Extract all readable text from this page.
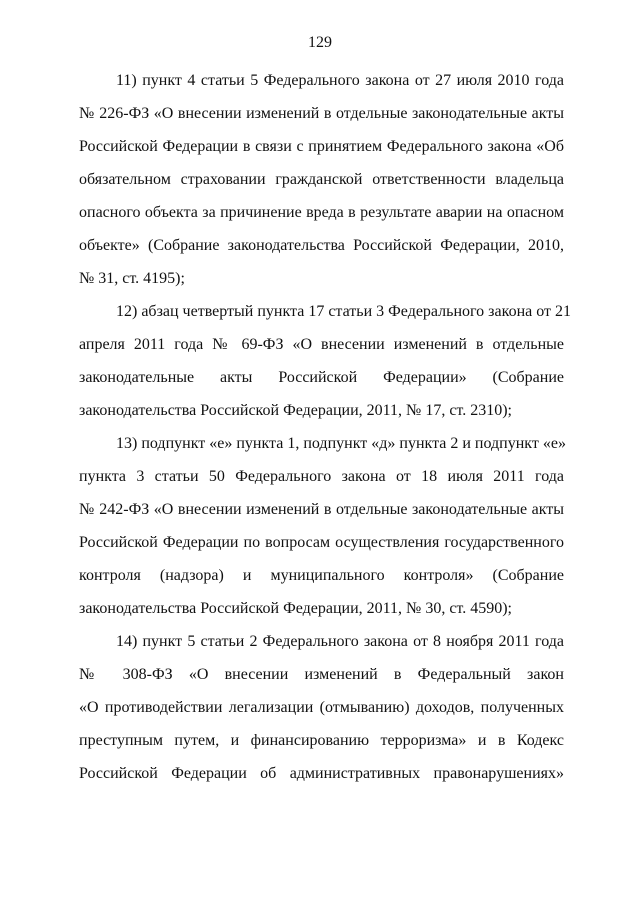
129
11) пункт 4 статьи 5 Федерального закона от 27 июля 2010 года
№ 226-ФЗ «О внесении изменений в отдельные законодательные акты
Российской Федерации в связи с принятием Федерального закона «Об
обязательном страховании гражданской ответственности владельца
опасного объекта за причинение вреда в результате аварии на опасном
объекте» (Собрание законодательства Российской Федерации, 2010,
№ 31, ст. 4195);
12) абзац четвертый пункта 17 статьи 3 Федерального закона от 21
апреля 2011 года № 69-ФЗ «О внесении изменений в отдельные
законодательные акты Российской Федерации» (Собрание
законодательства Российской Федерации, 2011, № 17, ст. 2310);
13) подпункт «е» пункта 1, подпункт «д» пункта 2 и подпункт «е»
пункта 3 статьи 50 Федерального закона от 18 июля 2011 года
№ 242-ФЗ «О внесении изменений в отдельные законодательные акты
Российской Федерации по вопросам осуществления государственного
контроля (надзора) и муниципального контроля» (Собрание
законодательства Российской Федерации, 2011, № 30, ст. 4590);
14) пункт 5 статьи 2 Федерального закона от 8 ноября 2011 года
№ 308-ФЗ «О внесении изменений в Федеральный закон
«О противодействии легализации (отмыванию) доходов, полученных
преступным путем, и финансированию терроризма» и в Кодекс
Российской Федерации об административных правонарушениях»
